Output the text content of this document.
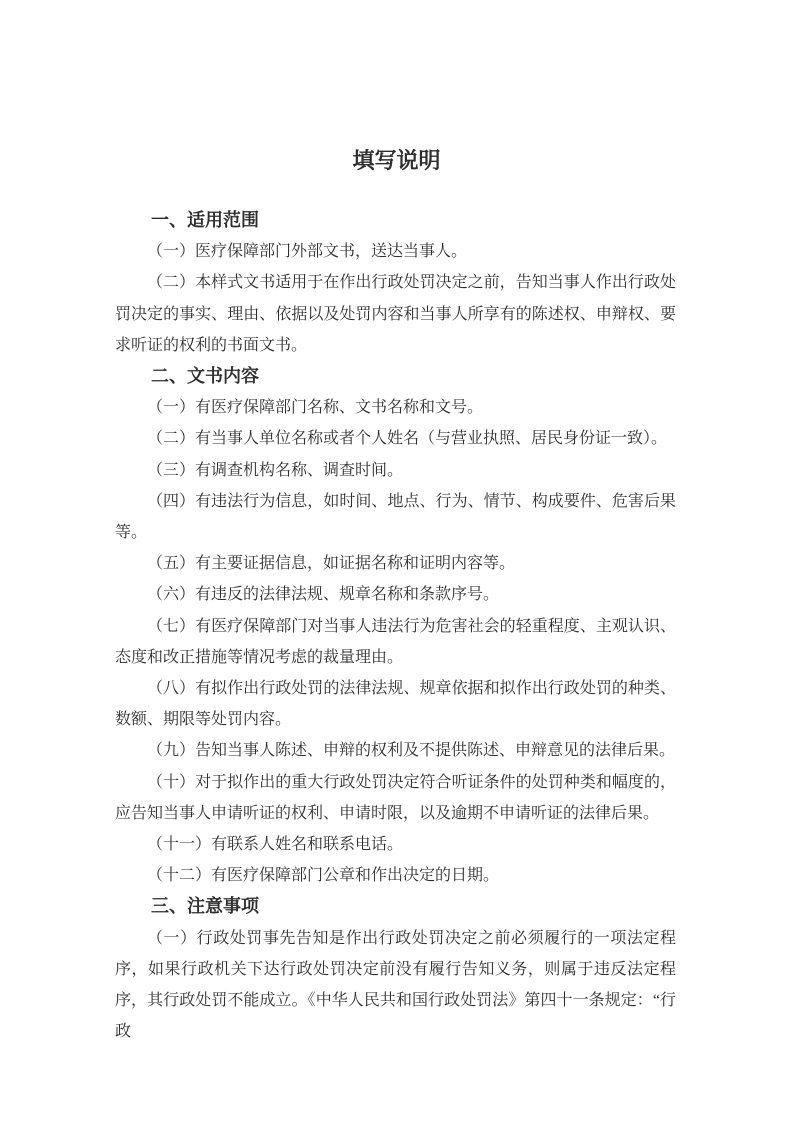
填写说明
一、适用范围

（一）医疗保障部门外部文书，送达当事人。

（二）本样式文书适用于在作出行政处罚决定之前，告知当事人作出行政处罚决定的事实、理由、依据以及处罚内容和当事人所享有的陈述权、申辩权、要求听证的权利的书面文书。

二、文书内容

（一）有医疗保障部门名称、文书名称和文号。

（二）有当事人单位名称或者个人姓名（与营业执照、居民身份证一致）。

（三）有调查机构名称、调查时间。

（四）有违法行为信息，如时间、地点、行为、情节、构成要件、危害后果等。

（五）有主要证据信息，如证据名称和证明内容等。

（六）有违反的法律法规、规章名称和条款序号。

（七）有医疗保障部门对当事人违法行为危害社会的轻重程度、主观认识、态度和改正措施等情况考虑的裁量理由。

（八）有拟作出行政处罚的法律法规、规章依据和拟作出行政处罚的种类、数额、期限等处罚内容。

（九）告知当事人陈述、申辩的权利及不提供陈述、申辩意见的法律后果。

（十）对于拟作出的重大行政处罚决定符合听证条件的处罚种类和幅度的，应告知当事人申请听证的权利、申请时限，以及逾期不申请听证的法律后果。

（十一）有联系人姓名和联系电话。

（十二）有医疗保障部门公章和作出决定的日期。

三、注意事项

（一）行政处罚事先告知是作出行政处罚决定之前必须履行的一项法定程序，如果行政机关下达行政处罚决定前没有履行告知义务，则属于违反法定程序，其行政处罚不能成立。《中华人民共和国行政处罚法》第四十一条规定：“行政
